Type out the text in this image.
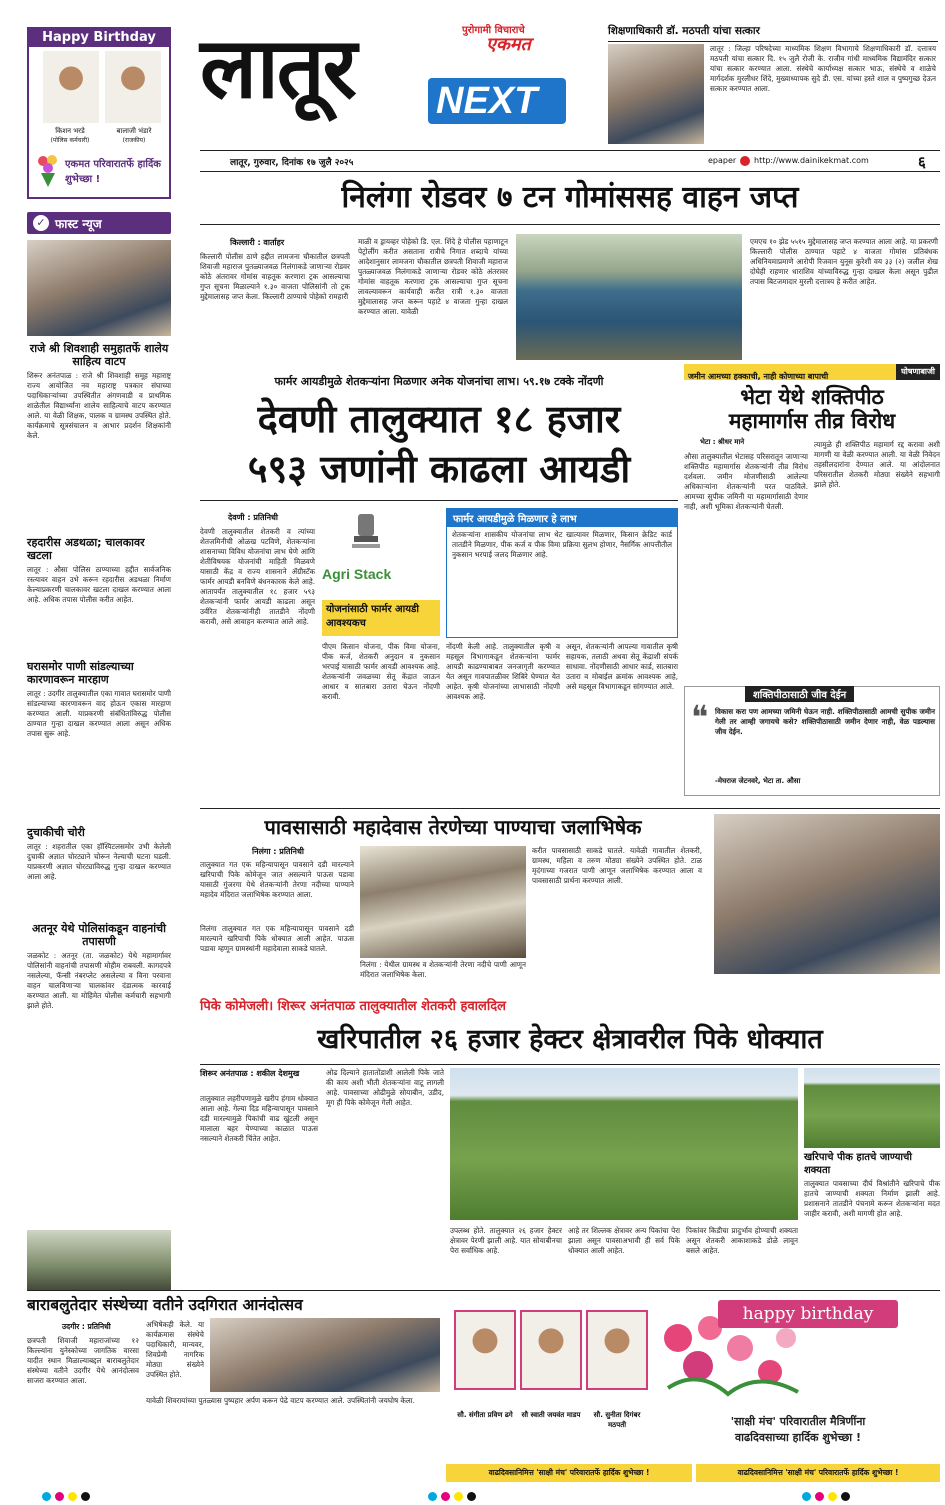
Happy Birthday
किशन भरडे
(पोलिस कर्मचारी)
बालाजी भंडारे
(राजकीय)
एकमत परिवारातर्फे हार्दिक शुभेच्छा !
लातूर	पुरोगामी विचाराचे
एकमत
NEXT
लातूर, गुरुवार, दिनांक १७ जुलै २०२५	epaper http://www.dainikekmat.com	६
शिक्षणाधिकारी डॉ. मठपती यांचा सत्कार
लातूर : जिल्हा परिषदेच्या माध्यमिक शिक्षण विभागाचे शिक्षणाधिकारी डॉ. दत्तात्रय मठपती यांचा सत्कार दि. १५ जुलै रोजी के. राजीव गांधी माध्यमिक विद्यामंदिर सत्कार यांचा सत्कार करण्यात आला. संस्थेचे कार्याध्यक्ष सत्कार भाऊ, संस्थेचे व शाळेचे मार्गदर्शक मुरलीधर शिंदे, मुख्याध्यापक सुदे डी. एस. यांच्या हस्ते शाल व पुष्पगुच्छ देऊन सत्कार करण्यात आला.
✓ फास्ट न्यूज
राजे श्री शिवशाही समुहातर्फे शालेय साहित्य वाटप
शिरूर अनंतपाळ : राजे श्री शिवशाही समूह महाराष्ट्र राज्य आयोजित नव महाराष्ट्र पत्रकार संघाच्या पदाधिकाऱ्यांच्या उपस्थितीत अंगणवाडी व प्राथमिक शाळेतील विद्यार्थ्यांना शालेय साहित्याचे वाटप करण्यात आले. या वेळी शिक्षक, पालक व ग्रामस्थ उपस्थित होते. कार्यक्रमाचे सूत्रसंचालन व आभार प्रदर्शन शिक्षकांनी केले.
रहदारीस अडथळा; चालकावर खटला
लातूर : औसा पोलिस ठाण्याच्या हद्दीत सार्वजनिक रस्त्यावर वाहन उभे करून रहदारीस अडथळा निर्माण केल्याप्रकरणी चालकावर खटला दाखल करण्यात आला आहे. अधिक तपास पोलीस करीत आहेत.
घरासमोर पाणी सांडल्याच्या कारणावरून मारहाण
लातूर : उदगीर तालुक्यातील एका गावात घरासमोर पाणी सांडल्याच्या कारणावरून वाद होऊन एकास मारहाण करण्यात आली. याप्रकरणी संबंधितांविरुद्ध पोलीस ठाण्यात गुन्हा दाखल करण्यात आला असून अधिक तपास सुरू आहे.
दुचाकीची चोरी
लातूर : शहरातील एका हॉस्पिटलसमोर उभी केलेली दुचाकी अज्ञात चोरट्याने चोरून नेल्याची घटना घडली. याप्रकरणी अज्ञात चोरट्याविरुद्ध गुन्हा दाखल करण्यात आला आहे.
अतनूर येथे पोलिसांकडून वाहनांची तपासणी
जळकोट : अतनूर (ता. जळकोट) येथे महामार्गावर पोलिसांनी वाहनांची तपासणी मोहीम राबवली. कागदपत्रे नसलेल्या, फॅन्सी नंबरप्लेट असलेल्या व विना परवाना वाहन चालविणाऱ्या चालकांवर दंडात्मक कारवाई करण्यात आली. या मोहिमेत पोलीस कर्मचारी सहभागी झाले होते.
निलंगा रोडवर ७ टन गोमांससह वाहन जप्त
किल्लारी : वार्ताहर
किल्लारी पोलीस ठाणे हद्दीत लामजना चौकातील छत्रपती शिवाजी महाराज पुतळ्याजवळ निलंगाकडे जाणाऱ्या रोडवर कोठे अंतरावर गोमांस वाहतूक करणारा ट्रक आसल्याचा गुप्त सूचना मिळाल्याने १.३० वाजता पोलिसांनी तो ट्रक मुद्देमालासह जप्त केला. किल्लारी ठाण्याचे पोहेको रामहारी
माळी व ड्रायव्हर पोहेको डि. एल. शिंदे हे पोलीस पहाणाटून पेट्रोलींग करीत असताना रात्रीचे निगात शब्दाचे यांच्या आदेशानुसार लामजना चौकातील छत्रपती शिवाजी महाराज पुतळ्याजवळ निलंगाकडे जाणाऱ्या रोडवर कोठे अंतरावर गोमांस वाहतूक करणारा ट्रक आसल्याचा गुप्त सूचना लावल्यावरून कार्यवाही करीत रात्री १.३० वाजता मुद्देमालासह जप्त करून पहाटे ४ वाजता गुन्हा दाखल करण्यात आला. यावेळी
एमएच १० झेड ५५१५ मुद्देमालासह जप्त करण्यात आला आहे. या प्रकरणी किल्लारी पोलीस ठाण्यात पहाटे ४ वाजता गोमांस प्रतिबंधक अधिनियमाप्रमाणे आरोपी रिजवान युनूस कुरेशी वय ३३ (२) जलील शेख दोघेही राहणार धाराशिव यांच्याविरुद्ध गुन्हा दाखल केला असून पुढील तपास बिटजमादार मुरली दत्तात्रय हे करीत आहेत.
फार्मर आयडीमुळे शेतकऱ्यांना मिळणार अनेक योजनांचा लाभ। ५९.१७ टक्के नोंदणी
देवणी तालुक्यात १८ हजार
५९३ जणांनी काढला आयडी
देवणी : प्रतिनिधी
देवणी तालुक्यातील शेतकरी व त्यांच्या शेतजमिनीची ओळख पटविणे, शेतकऱ्यांना शासनाच्या विविध योजनांचा लाभ घेणे आणि शेतीविषयक योजनांची माहिती मिळवणे यासाठी केंद्र व राज्य शासनाने ॲग्रीस्टॅक फार्मर आयडी बनविणे बंधनकारक केले आहे. आतापर्यंत तालुक्यातील १८ हजार ५९३ शेतकऱ्यांनी फार्मर आयडी काढला असून उर्वरित शेतकऱ्यांनीही तातडीने नोंदणी करावी, असे आवाहन करण्यात आले आहे.
Agri Stack
योजनांसाठी फार्मर आयडी आवश्यकच
पीएम किसान योजना, पीक विमा योजना, पीक कर्ज, शेतकरी अनुदान व नुकसान भरपाई यासाठी फार्मर आयडी आवश्यक आहे. शेतकऱ्यांनी जवळच्या सेतू केंद्रात जाऊन आधार व सातबारा उतारा घेऊन नोंदणी करावी.
फार्मर आयडीमुळे मिळणार हे लाभ
शेतकऱ्यांना शासकीय योजनांचा लाभ थेट खात्यावर मिळणार, किसान क्रेडिट कार्ड तातडीने मिळणार, पीक कर्ज व पीक विमा प्रक्रिया सुलभ होणार, नैसर्गिक आपत्तीतील नुकसान भरपाई जलद मिळणार आहे.
नोंदणी केली आहे. तालुक्यातील कृषी व महसूल विभागाकडून शेतकऱ्यांना फार्मर आयडी काढण्याबाबत जनजागृती करण्यात येत असून गावपातळीवर शिबिरे घेण्यात येत आहेत. कृषी योजनांच्या लाभासाठी नोंदणी आवश्यक आहे.
असून, शेतकऱ्यांनी आपल्या गावातील कृषी सहायक, तलाठी अथवा सेतू केंद्राशी संपर्क साधावा. नोंदणीसाठी आधार कार्ड, सातबारा उतारा व मोबाईल क्रमांक आवश्यक आहे, असे महसूल विभागाकडून सांगण्यात आले.
जमीन आमच्या हक्काची, नाही कोणाच्या बापाची
घोषणाबाजी
भेटा येथे शक्तिपीठ
महामार्गास तीव्र विरोध
भेटा : श्रीधर माने
औसा तालुक्यातील भेटासह परिसरातून जाणाऱ्या शक्तिपीठ महामार्गास शेतकऱ्यांनी तीव्र विरोध दर्शवला. जमीन मोजणीसाठी आलेल्या अधिकाऱ्यांना शेतकऱ्यांनी परत पाठविले. आमच्या सुपीक जमिनी या महामार्गासाठी देणार नाही, अशी भूमिका शेतकऱ्यांनी घेतली.
त्यामुळे ही शक्तिपीठ महामार्ग रद्द करावा अशी मागणी या वेळी करण्यात आली. या वेळी निवेदन तहसीलदारांना देण्यात आले. या आंदोलनात परिसरातील शेतकरी मोठ्या संख्येने सहभागी झाले होते.
शक्तिपीठासाठी जीव देईन
❝ विकास करा पण आमच्या जमिनी घेऊन नाही. शक्तिपीठासाठी आमची सुपीक जमीन गेली तर आम्ही जगायचे कसे? शक्तिपीठासाठी जमीन देणार नाही, वेळ पडल्यास जीव देईन.
-मेघराज जेटनवरे, भेटा ता. औसा
पावसासाठी महादेवास तेरणेच्या पाण्याचा जलाभिषेक
निलंगा : प्रतिनिधी
तालुक्यात गत एक महिन्यापासून पावसाने दडी मारल्याने खरिपाची पिके कोमेजून जात असल्याने पाऊस पडावा यासाठी गुंजरगा येथे शेतकऱ्यांनी तेरणा नदीच्या पाण्याने महादेव मंदिरात जलाभिषेक करण्यात आला.
निलंगा तालुक्यात गत एक महिन्यापासून पावसाने दडी मारल्याने खरिपाची पिके धोक्यात आली आहेत. पाऊस पडावा म्हणून ग्रामस्थांनी महादेवाला साकडे घातले.
निलंगा : येथील ग्रामस्थ व शेतकऱ्यांनी तेरणा नदीचे पाणी आणून मंदिरात जलाभिषेक केला.
करीत पावसासाठी साकडे घातले. यावेळी गावातील शेतकरी, ग्रामस्थ, महिला व तरुण मोठ्या संख्येने उपस्थित होते. टाळ मृदंगाच्या गजरात पाणी आणून जलाभिषेक करण्यात आला व पावसासाठी प्रार्थना करण्यात आली.
पिके कोमेजली। शिरूर अनंतपाळ तालुक्यातील शेतकरी हवालदिल
खरिपातील २६ हजार हेक्टर क्षेत्रावरील पिके धोक्यात
शिरूर अनंतपाळ : शकील देशमुख
तालुक्यात लहरीपणामुळे खरीप हंगाम धोक्यात आला आहे. गेल्या दिड महिन्यापासून पावसाने दडी मारल्यामुळे पिकांची वाढ खुंटली असून मालाला बहर येण्याच्या काळात पाऊस नसल्याने शेतकरी चिंतेत आहेत.
ओढ दिल्याने हातातोंडाशी आलेली पिके जाते की काय अशी भीती शेतकऱ्यांना वाटू लागली आहे. पावसाच्या ओढीमुळे सोयाबीन, उडीद, मूग ही पिके कोमेजून गेली आहेत.
उपलब्ध होते. तालुक्यात २६ हजार हेक्टर क्षेत्रावर पेरणी झाली आहे. यात सोयाबीनचा पेरा सर्वाधिक आहे.
आहे तर शिल्लक क्षेत्रावर अन्य पिकांचा पेरा झाला असून पावसाअभावी ही सर्व पिके धोक्यात आली आहेत.
पिकांवर किडीचा प्रादुर्भाव होण्याची शक्यता असून शेतकरी आकाशाकडे डोळे लावून बसले आहेत.
खरिपाचे पीक हातचे जाण्याची शक्यता
तालुक्यात पावसाच्या दीर्घ विश्रांतीने खरिपाचे पीक हातचे जाण्याची शक्यता निर्माण झाली आहे. प्रशासनाने तातडीने पंचनामे करून शेतकऱ्यांना मदत जाहीर करावी, अशी मागणी होत आहे.
बाराबलुतेदार संस्थेच्या वतीने उदगिरात आनंदोत्सव
उदगीर : प्रतिनिधी
छत्रपती शिवाजी महाराजांच्या १२ किल्ल्यांना युनेस्कोच्या जागतिक वारसा यादीत स्थान मिळाल्याबद्दल बाराबलुतेदार संस्थेच्या वतीने उदगीर येथे आनंदोत्सव साजरा करण्यात आला.
अभिषेकही केले. या कार्यक्रमास संस्थेचे पदाधिकारी, मान्यवर, शिवप्रेमी नागरिक मोठ्या संख्येने उपस्थित होते.
यावेळी शिवरायांच्या पुतळ्यास पुष्पहार अर्पण करून पेढे वाटप करण्यात आले. उपस्थितांनी जयघोष केला.
सौ. संगीता प्रविण ढगे	सौ स्वाती जयवंत माडप	सौ. सुनीता दिगंबर मठपती
happy birthday
'साक्षी मंच' परिवारातील मैत्रिणींना
वाढदिवसाच्या हार्दिक शुभेच्छा !
वाढदिवसानिमित्त 'साक्षी मंच' परिवारातर्फे हार्दिक शुभेच्छा !	वाढदिवसानिमित्त 'साक्षी मंच' परिवारातर्फे हार्दिक शुभेच्छा !
